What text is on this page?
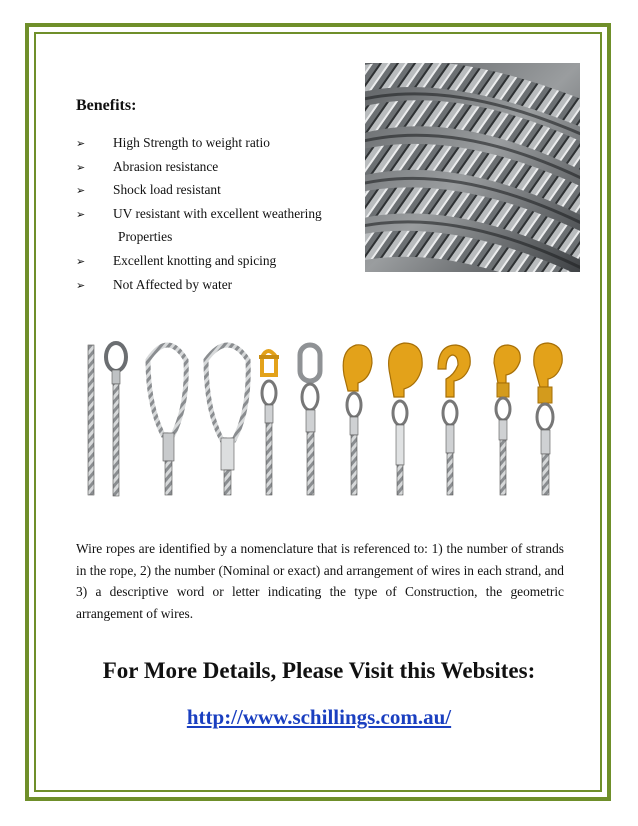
Benefits:
➢ High Strength to weight ratio
➢ Abrasion resistance
➢ Shock load resistant
➢ UV resistant with excellent weathering
Properties
➢ Excellent knotting and spicing
➢ Not Affected by water

Wire ropes are identified by a nomenclature that is referenced to: 1) the number of strands in the rope, 2) the number (Nominal or exact) and arrangement of wires in each strand, and 3) a descriptive word or letter indicating the type of Construction, the geometric arrangement of wires.

For More Details, Please Visit this Websites:

http://www.schillings.com.au/
